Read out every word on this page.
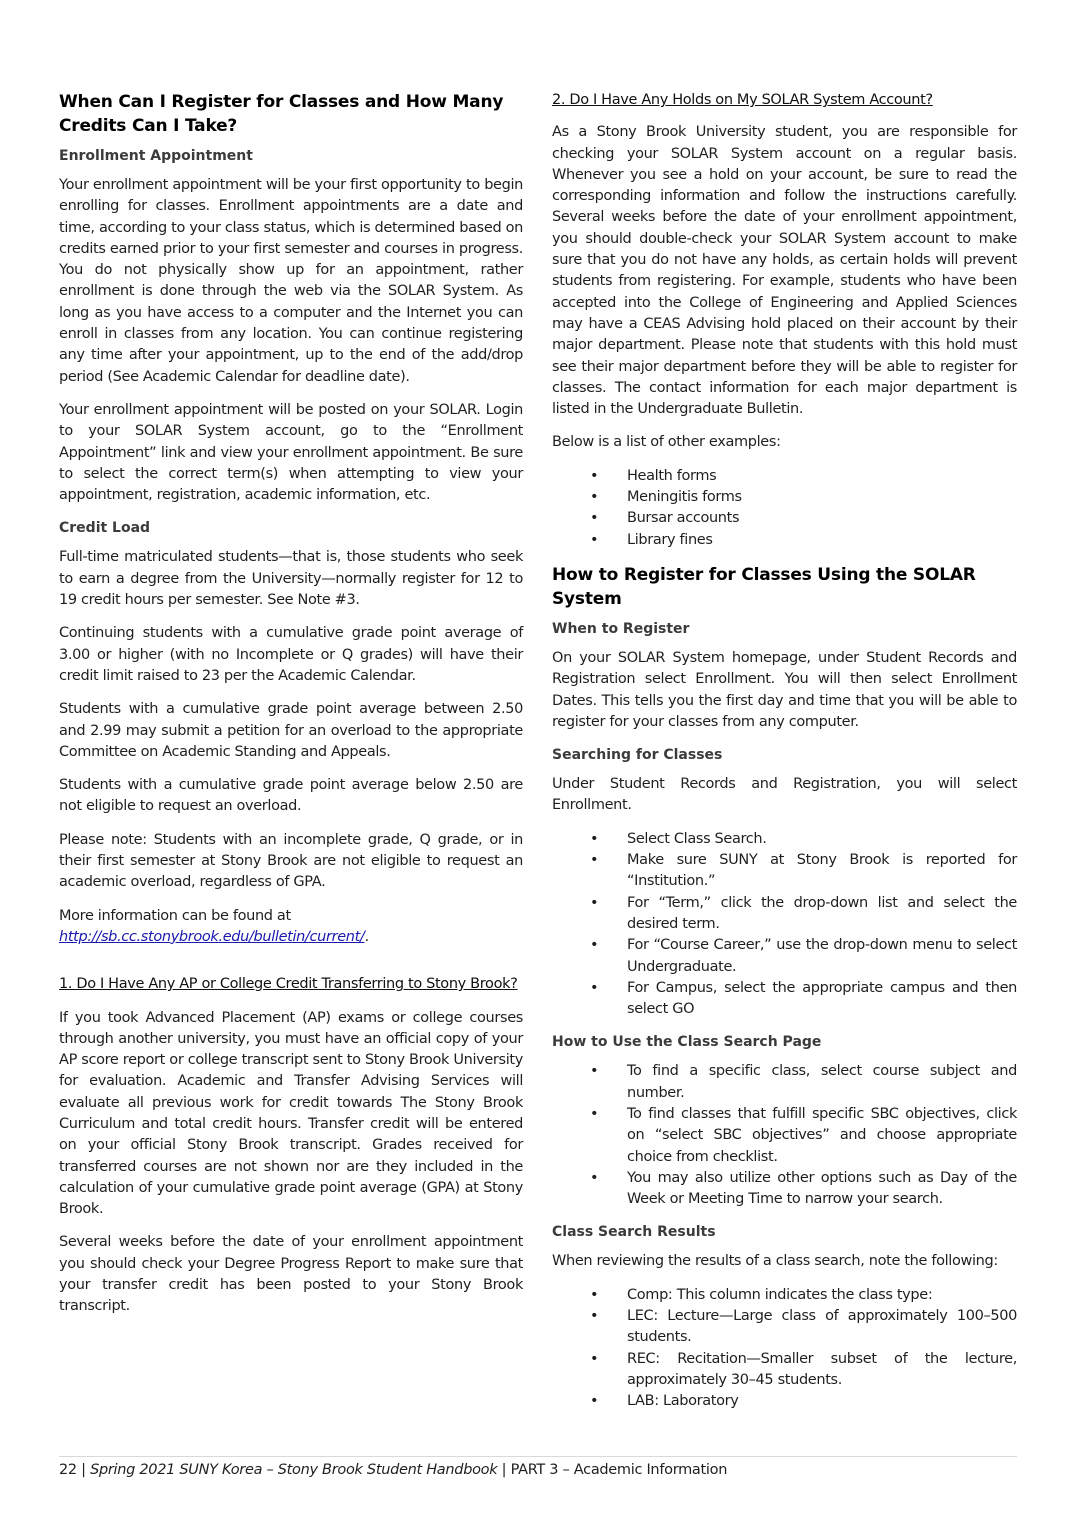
When Can I Register for Classes and How Many Credits Can I Take?
Enrollment Appointment

Your enrollment appointment will be your first opportunity to begin enrolling for classes. Enrollment appointments are a date and time, according to your class status, which is determined based on credits earned prior to your first semester and courses in progress. You do not physically show up for an appointment, rather enrollment is done through the web via the SOLAR System. As long as you have access to a computer and the Internet you can enroll in classes from any location. You can continue registering any time after your appointment, up to the end of the add/drop period (See Academic Calendar for deadline date).

Your enrollment appointment will be posted on your SOLAR. Login to your SOLAR System account, go to the “Enrollment Appointment” link and view your enrollment appointment. Be sure to select the correct term(s) when attempting to view your appointment, registration, academic information, etc.

Credit Load

Full-time matriculated students—that is, those students who seek to earn a degree from the University—normally register for 12 to 19 credit hours per semester. See Note #3.

Continuing students with a cumulative grade point average of 3.00 or higher (with no Incomplete or Q grades) will have their credit limit raised to 23 per the Academic Calendar.

Students with a cumulative grade point average between 2.50 and 2.99 may submit a petition for an overload to the appropriate Committee on Academic Standing and Appeals.

Students with a cumulative grade point average below 2.50 are not eligible to request an overload.

Please note: Students with an incomplete grade, Q grade, or in their first semester at Stony Brook are not eligible to request an academic overload, regardless of GPA.

More information can be found at
http://sb.cc.stonybrook.edu/bulletin/current/.

1. Do I Have Any AP or College Credit Transferring to Stony Brook?

If you took Advanced Placement (AP) exams or college courses through another university, you must have an official copy of your AP score report or college transcript sent to Stony Brook University for evaluation. Academic and Transfer Advising Services will evaluate all previous work for credit towards The Stony Brook Curriculum and total credit hours. Transfer credit will be entered on your official Stony Brook transcript. Grades received for transferred courses are not shown nor are they included in the calculation of your cumulative grade point average (GPA) at Stony Brook.

Several weeks before the date of your enrollment appointment you should check your Degree Progress Report to make sure that your transfer credit has been posted to your Stony Brook transcript.

2. Do I Have Any Holds on My SOLAR System Account?

As a Stony Brook University student, you are responsible for checking your SOLAR System account on a regular basis. Whenever you see a hold on your account, be sure to read the corresponding information and follow the instructions carefully. Several weeks before the date of your enrollment appointment, you should double-check your SOLAR System account to make sure that you do not have any holds, as certain holds will prevent students from registering. For example, students who have been accepted into the College of Engineering and Applied Sciences may have a CEAS Advising hold placed on their account by their major department. Please note that students with this hold must see their major department before they will be able to register for classes. The contact information for each major department is listed in the Undergraduate Bulletin.

Below is a list of other examples:

• Health forms
• Meningitis forms
• Bursar accounts
• Library fines
How to Register for Classes Using the SOLAR System
When to Register

On your SOLAR System homepage, under Student Records and Registration select Enrollment. You will then select Enrollment Dates. This tells you the first day and time that you will be able to register for your classes from any computer.

Searching for Classes

Under Student Records and Registration, you will select Enrollment.

• Select Class Search.
• Make sure SUNY at Stony Brook is reported for “Institution.”
• For “Term,” click the drop-down list and select the desired term.
• For “Course Career,” use the drop-down menu to select Undergraduate.
• For Campus, select the appropriate campus and then select GO
How to Use the Class Search Page
• To find a specific class, select course subject and number.
• To find classes that fulfill specific SBC objectives, click on “select SBC objectives” and choose appropriate choice from checklist.
• You may also utilize other options such as Day of the Week or Meeting Time to narrow your search.
Class Search Results

When reviewing the results of a class search, note the following:

• Comp: This column indicates the class type:
• LEC: Lecture—Large class of approximately 100–500 students.
• REC: Recitation—Smaller subset of the lecture, approximately 30–45 students.
• LAB: Laboratory
22 | Spring 2021 SUNY Korea – Stony Brook Student Handbook | PART 3 – Academic Information
